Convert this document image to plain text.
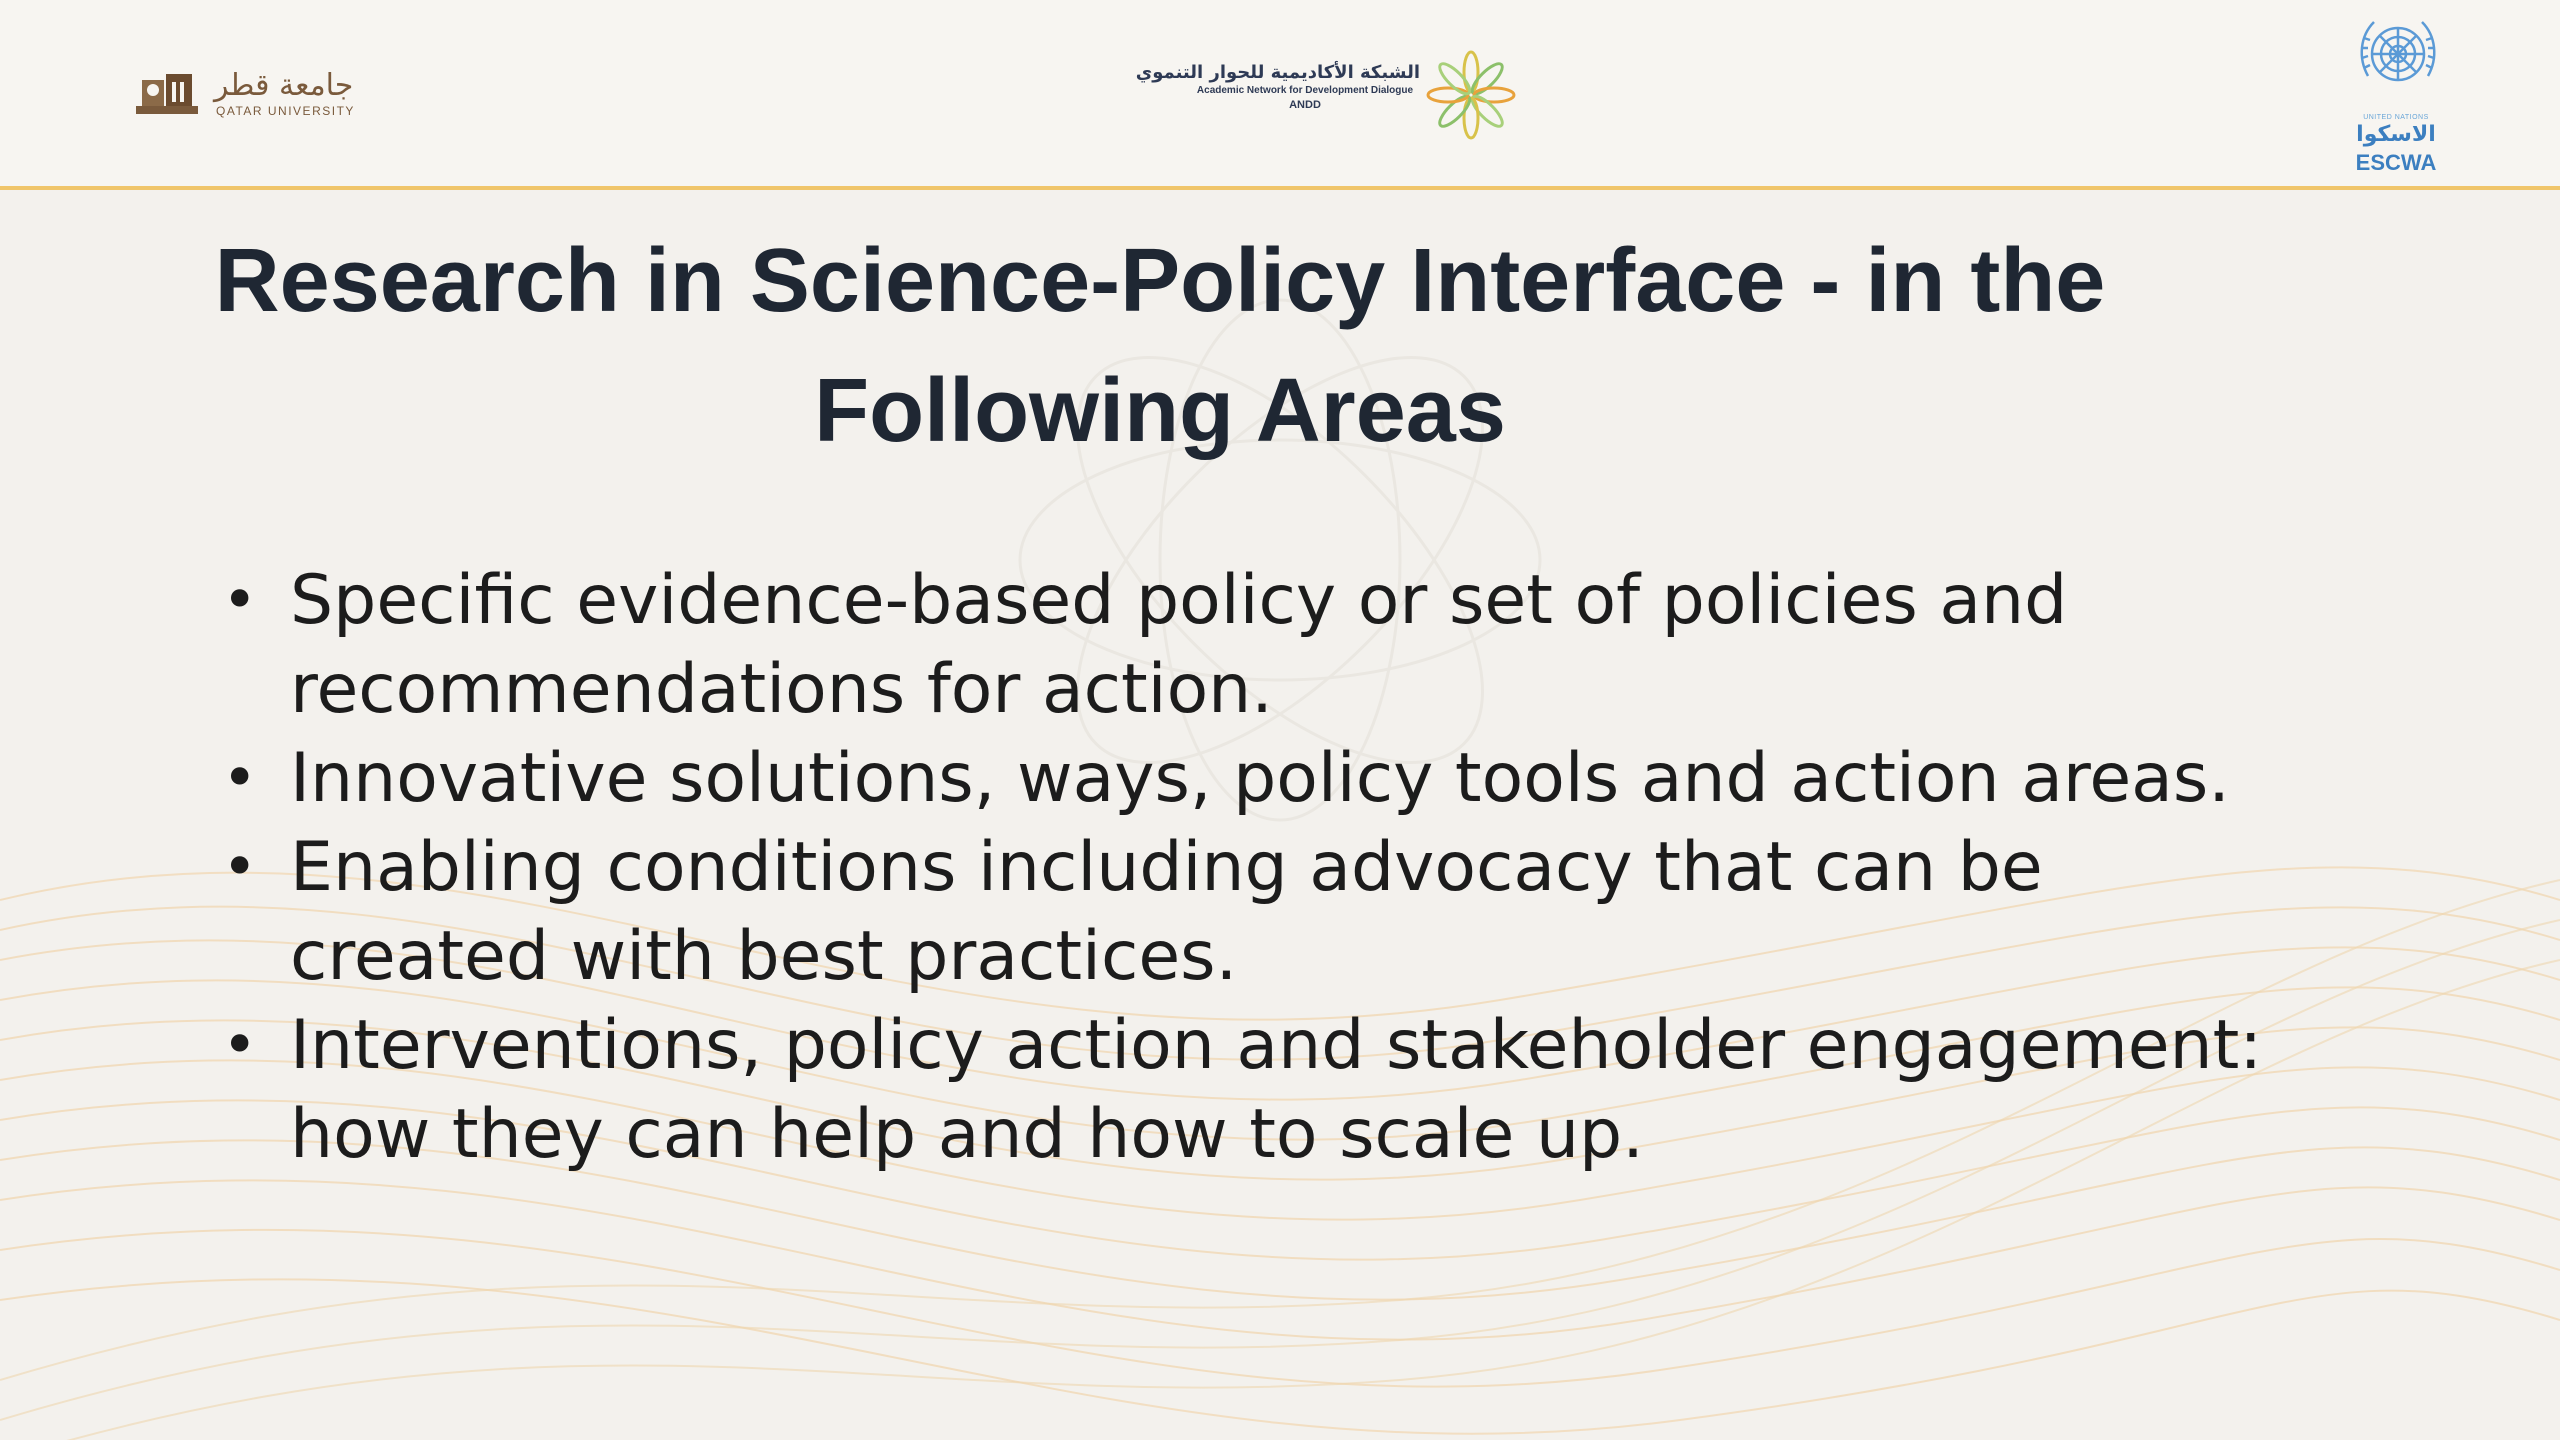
جامعة قطر
QATAR UNIVERSITY
الشبكة الأكاديمية للحوار التنموي
Academic Network for Development Dialogue
ANDD
UNITED NATIONS
الاسكوا
ESCWA
Research in Science-Policy Interface - in the
Following Areas
• Specific evidence-based policy or set of policies and
recommendations for action.
• Innovative solutions, ways, policy tools and action areas.
• Enabling conditions including advocacy that can be
created with best practices.
• Interventions, policy action and stakeholder engagement:
how they can help and how to scale up.
